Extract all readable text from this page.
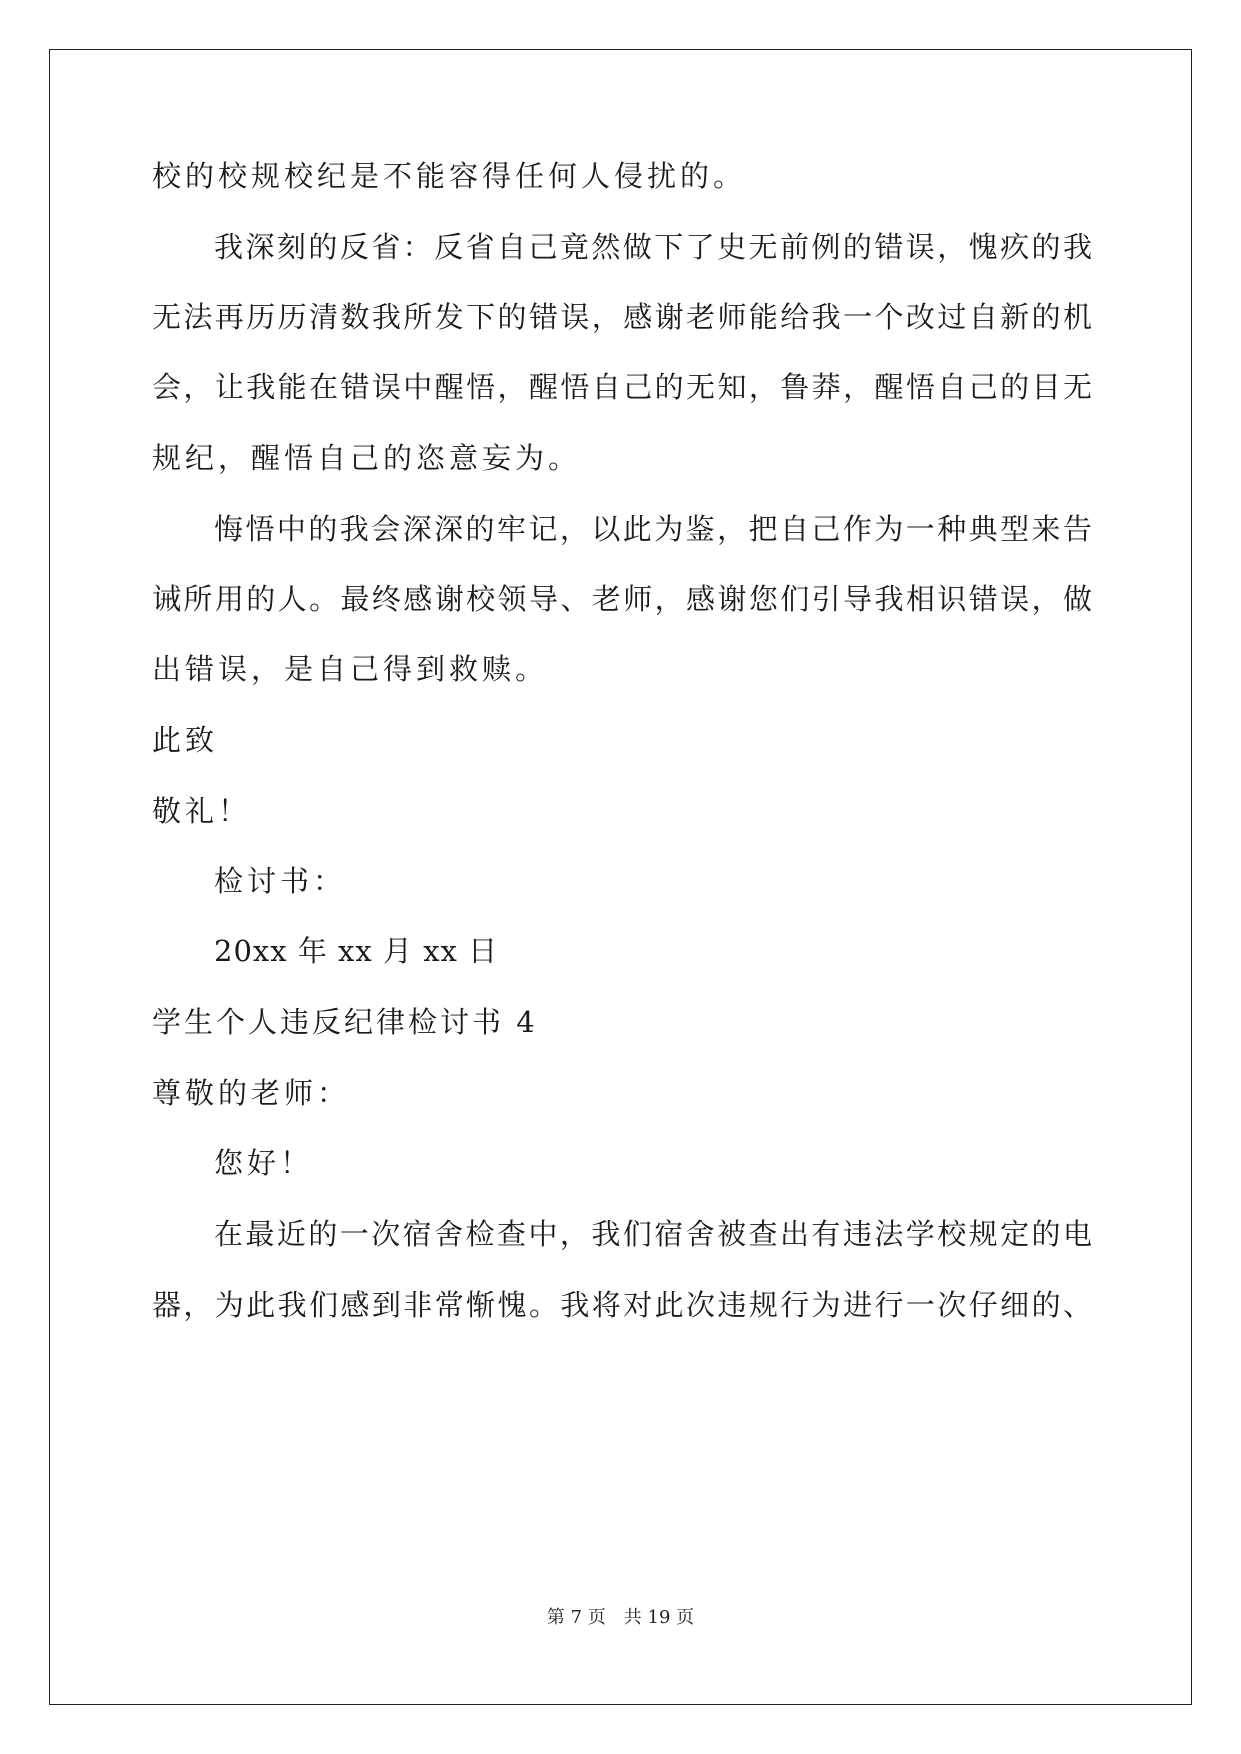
校的校规校纪是不能容得任何人侵扰的。
我深刻的反省：反省自己竟然做下了史无前例的错误，愧疚的我
无法再历历清数我所发下的错误，感谢老师能给我一个改过自新的机
会，让我能在错误中醒悟，醒悟自己的无知，鲁莽，醒悟自己的目无
规纪，醒悟自己的恣意妄为。
悔悟中的我会深深的牢记，以此为鉴，把自己作为一种典型来告
诫所用的人。最终感谢校领导、老师，感谢您们引导我相识错误，做
出错误，是自己得到救赎。
此致
敬礼！
检讨书：
20xx 年 xx 月 xx 日
学生个人违反纪律检讨书 4
尊敬的老师：
您好！
在最近的一次宿舍检查中，我们宿舍被查出有违法学校规定的电
器，为此我们感到非常惭愧。我将对此次违规行为进行一次仔细的、
第 7 页 共 19 页
